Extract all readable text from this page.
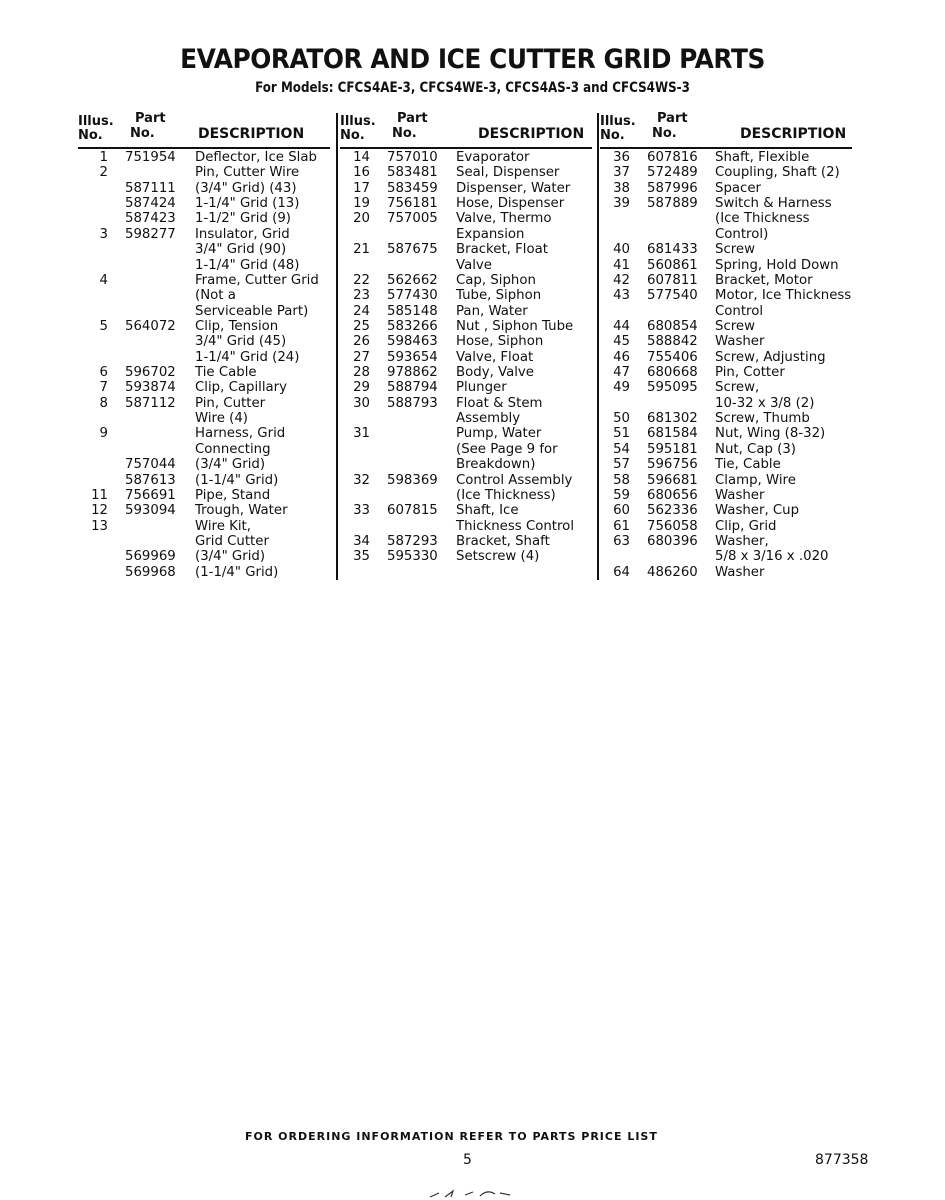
EVAPORATOR AND ICE CUTTER GRID PARTS
For Models: CFCS4AE-3, CFCS4WE-3, CFCS4AS-3 and CFCS4WS-3
Illus.
No.
Part
No.	DESCRIPTION
1 751954 Deflector, Ice Slab
2	Pin, Cutter Wire
587111 (3/4" Grid) (43)
587424 1-1/4" Grid (13)
587423 1-1/2" Grid (9)
3 598277 Insulator, Grid
3/4" Grid (90)
1-1/4" Grid (48)
4	Frame, Cutter Grid
(Not a
Serviceable Part)
5 564072 Clip, Tension
3/4" Grid (45)
1-1/4" Grid (24)
6 596702 Tie Cable
7 593874 Clip, Capillary
8 587112 Pin, Cutter
Wire (4)
9	Harness, Grid
Connecting
757044 (3/4" Grid)
587613 (1-1/4" Grid)
11 756691 Pipe, Stand
12 593094 Trough, Water
13	Wire Kit,
Grid Cutter
569969 (3/4" Grid)
569968 (1-1/4" Grid)
Illus.
No.
Part
No.	DESCRIPTION
14 757010 Evaporator
16 583481 Seal, Dispenser
17 583459 Dispenser, Water
19 756181 Hose, Dispenser
20 757005 Valve, Thermo
Expansion
21 587675 Bracket, Float
Valve
22 562662 Cap, Siphon
23 577430 Tube, Siphon
24 585148 Pan, Water
25 583266 Nut , Siphon Tube
26 598463 Hose, Siphon
27 593654 Valve, Float
28 978862 Body, Valve
29 588794 Plunger
30 588793 Float & Stem
Assembly
31	Pump, Water
(See Page 9 for
Breakdown)
32 598369 Control Assembly
(Ice Thickness)
33 607815 Shaft, Ice
Thickness Control
34 587293 Bracket, Shaft
35 595330 Setscrew (4)
Illus.
No.
Part
No.	DESCRIPTION
36 607816 Shaft, Flexible
37 572489 Coupling, Shaft (2)
38 587996 Spacer
39 587889 Switch & Harness
(Ice Thickness
Control)
40 681433 Screw
41 560861 Spring, Hold Down
42 607811 Bracket, Motor
43 577540 Motor, Ice Thickness
Control
44 680854 Screw
45 588842 Washer
46 755406 Screw, Adjusting
47 680668 Pin, Cotter
49 595095 Screw,
10-32 x 3/8 (2)
50 681302 Screw, Thumb
51 681584 Nut, Wing (8-32)
54 595181 Nut, Cap (3)
57 596756 Tie, Cable
58 596681 Clamp, Wire
59 680656 Washer
60 562336 Washer, Cup
61 756058 Clip, Grid
63 680396 Washer,
5/8 x 3/16 x .020
64 486260 Washer
FOR ORDERING INFORMATION REFER TO PARTS PRICE LIST
5	877358
